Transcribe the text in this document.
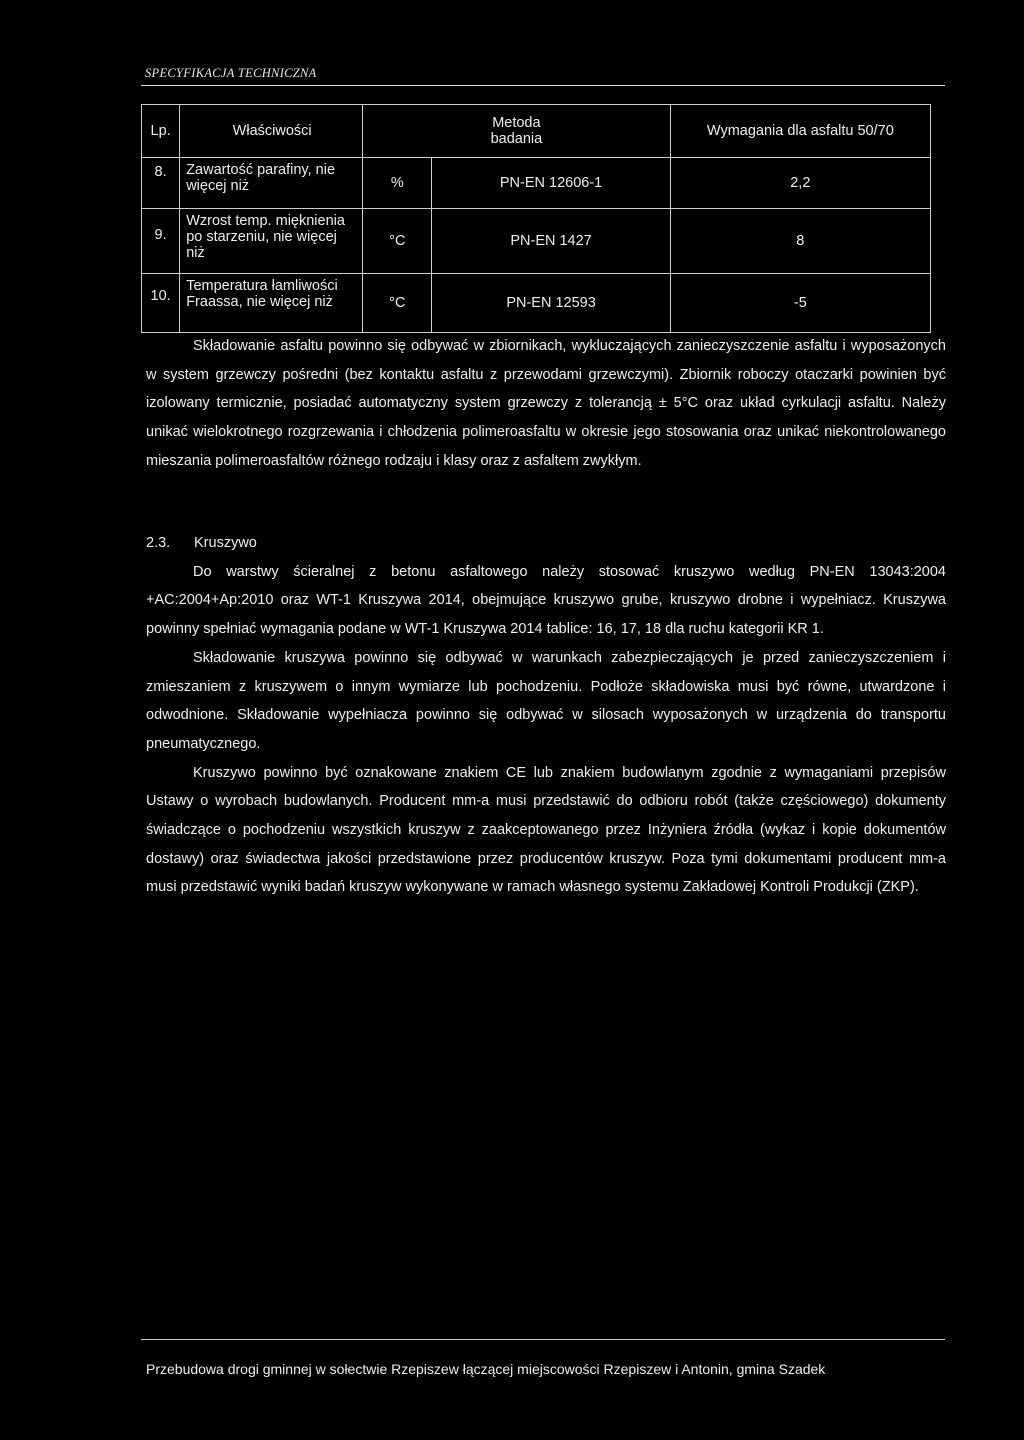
SPECYFIKACJA TECHNICZNA
Lp.	Właściwości	Metoda badania		Wymagania dla asfaltu 50/70
8.	Zawartość parafiny, nie więcej niż	%	PN-EN 12606-1	2,2
9.	Wzrost temp. mięknienia po starzeniu, nie więcej niż	°C	PN-EN 1427	8
10.	Temperatura łamliwości Fraassa, nie więcej niż	°C	PN-EN 12593	-5

Składowanie asfaltu powinno się odbywać w zbiornikach, wykluczających zanieczyszczenie asfaltu i wyposażonych w system grzewczy pośredni (bez kontaktu asfaltu z przewodami grzewczymi). Zbiornik roboczy otaczarki powinien być izolowany termicznie, posiadać automatyczny system grzewczy z tolerancją ± 5°C oraz układ cyrkulacji asfaltu. Należy unikać wielokrotnego rozgrzewania i chłodzenia polimeroasfaltu w okresie jego stosowania oraz unikać niekontrolowanego mieszania polimeroasfaltów różnego rodzaju i klasy oraz z asfaltem zwykłym.

2.3. Kruszywo

Do warstwy ścieralnej z betonu asfaltowego należy stosować kruszywo według PN-EN 13043:2004 +AC:2004+Ap:2010 oraz WT-1 Kruszywa 2014, obejmujące kruszywo grube, kruszywo drobne i wypełniacz. Kruszywa powinny spełniać wymagania podane w WT-1 Kruszywa 2014 tablice: 16, 17, 18 dla ruchu kategorii KR 1.

Składowanie kruszywa powinno się odbywać w warunkach zabezpieczających je przed zanieczyszczeniem i zmieszaniem z kruszywem o innym wymiarze lub pochodzeniu. Podłoże składowiska musi być równe, utwardzone i odwodnione. Składowanie wypełniacza powinno się odbywać w silosach wyposażonych w urządzenia do transportu pneumatycznego.

Kruszywo powinno być oznakowane znakiem CE lub znakiem budowlanym zgodnie z wymaganiami przepisów Ustawy o wyrobach budowlanych. Producent mm-a musi przedstawić do odbioru robót (także częściowego) dokumenty świadczące o pochodzeniu wszystkich kruszyw z zaakceptowanego przez Inżyniera źródła (wykaz i kopie dokumentów dostawy) oraz świadectwa jakości przedstawione przez producentów kruszyw. Poza tymi dokumentami producent mm-a musi przedstawić wyniki badań kruszyw wykonywane w ramach własnego systemu Zakładowej Kontroli Produkcji (ZKP).

Przebudowa drogi gminnej w sołectwie Rzepiszew łączącej miejscowości Rzepiszew i Antonin, gmina Szadek
